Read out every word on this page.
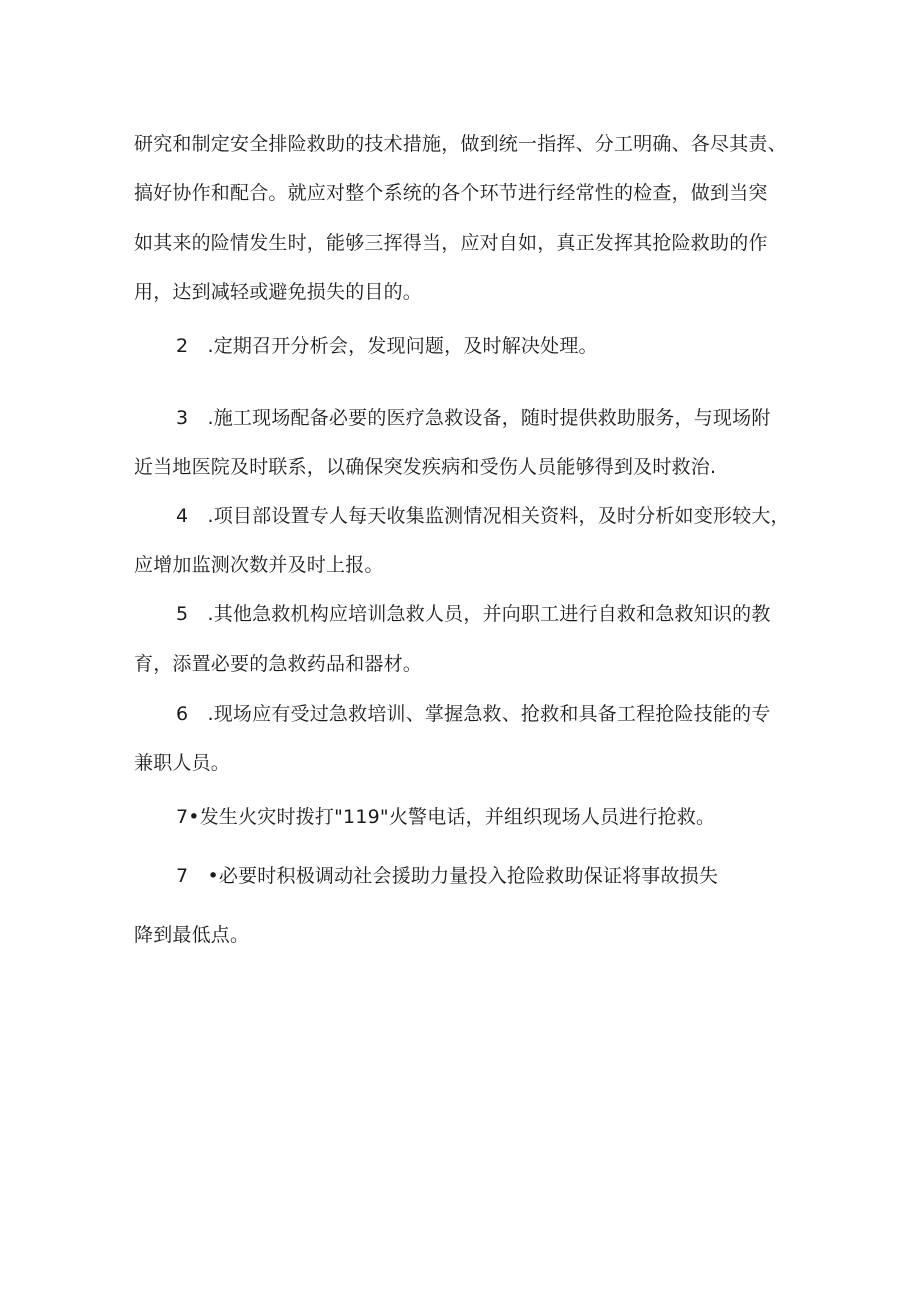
研究和制定安全排险救助的技术措施，做到统一指挥、分工明确、各尽其责、
搞好协作和配合。就应对整个系统的各个环节进行经常性的检查，做到当突
如其来的险情发生时，能够三挥得当，应对自如，真正发挥其抢险救助的作
用，达到减轻或避免损失的目的。
2　.定期召开分析会，发现问题，及时解决处理。
3　.施工现场配备必要的医疗急救设备，随时提供救助服务，与现场附
近当地医院及时联系，以确保突发疾病和受伤人员能够得到及时救治.
4　.项目部设置专人每天收集监测情况相关资料，及时分析如变形较大，
应增加监测次数并及时上报。
5　.其他急救机构应培训急救人员，并向职工进行自救和急救知识的教
育，添置必要的急救药品和器材。
6　.现场应有受过急救培训、掌握急救、抢救和具备工程抢险技能的专
兼职人员。
7•发生火灾时拨打"119"火警电话，并组织现场人员进行抢救。
7　•必要时积极调动社会援助力量投入抢险救助保证将事故损失
降到最低点。
